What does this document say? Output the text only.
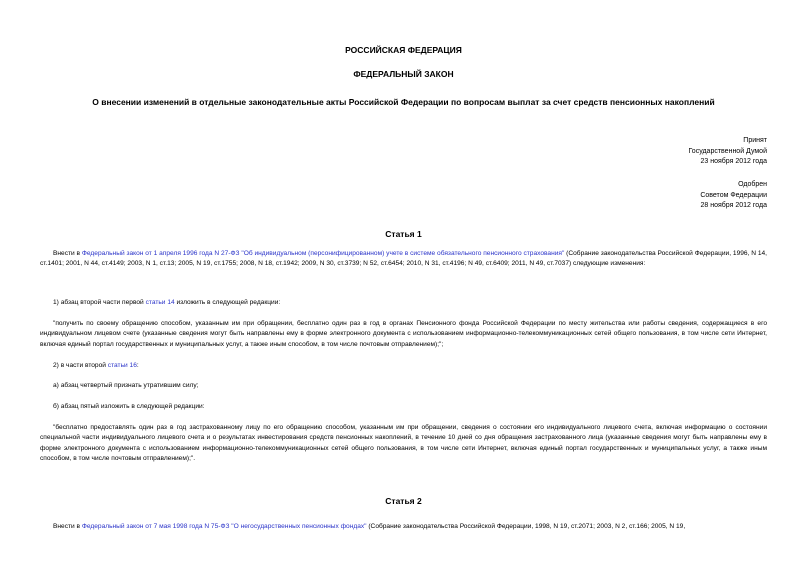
РОССИЙСКАЯ ФЕДЕРАЦИЯ
ФЕДЕРАЛЬНЫЙ ЗАКОН
О внесении изменений в отдельные законодательные акты Российской Федерации по вопросам выплат за счет средств пенсионных накоплений
Принят
Государственной Думой
23 ноября 2012 года
Одобрен
Советом Федерации
28 ноября 2012 года
Статья 1
Внести в Федеральный закон от 1 апреля 1996 года N 27-ФЗ "Об индивидуальном (персонифицированном) учете в системе обязательного пенсионного страхования" (Собрание законодательства Российской Федерации, 1996, N 14, ст.1401; 2001, N 44, ст.4149; 2003, N 1, ст.13; 2005, N 19, ст.1755; 2008, N 18, ст.1942; 2009, N 30, ст.3739; N 52, ст.6454; 2010, N 31, ст.4196; N 49, ст.6409; 2011, N 49, ст.7037) следующие изменения:
1) абзац второй части первой статьи 14 изложить в следующей редакции:
"получить по своему обращению способом, указанным им при обращении, бесплатно один раз в год в органах Пенсионного фонда Российской Федерации по месту жительства или работы сведения, содержащиеся в его индивидуальном лицевом счете (указанные сведения могут быть направлены ему в форме электронного документа с использованием информационно-телекоммуникационных сетей общего пользования, в том числе сети Интернет, включая единый портал государственных и муниципальных услуг, а также иным способом, в том числе почтовым отправлением);";
2) в части второй статьи 16:
а) абзац четвертый признать утратившим силу;
б) абзац пятый изложить в следующей редакции:
"бесплатно предоставлять один раз в год застрахованному лицу по его обращению способом, указанным им при обращении, сведения о состоянии его индивидуального лицевого счета, включая информацию о состоянии специальной части индивидуального лицевого счета и о результатах инвестирования средств пенсионных накоплений, в течение 10 дней со дня обращения застрахованного лица (указанные сведения могут быть направлены ему в форме электронного документа с использованием информационно-телекоммуникационных сетей общего пользования, в том числе сети Интернет, включая единый портал государственных и муниципальных услуг, а также иным способом, в том числе почтовым отправлением);".
Статья 2
Внести в Федеральный закон от 7 мая 1998 года N 75-ФЗ "О негосударственных пенсионных фондах" (Собрание законодательства Российской Федерации, 1998, N 19, ст.2071; 2003, N 2, ст.166; 2005, N 19,
